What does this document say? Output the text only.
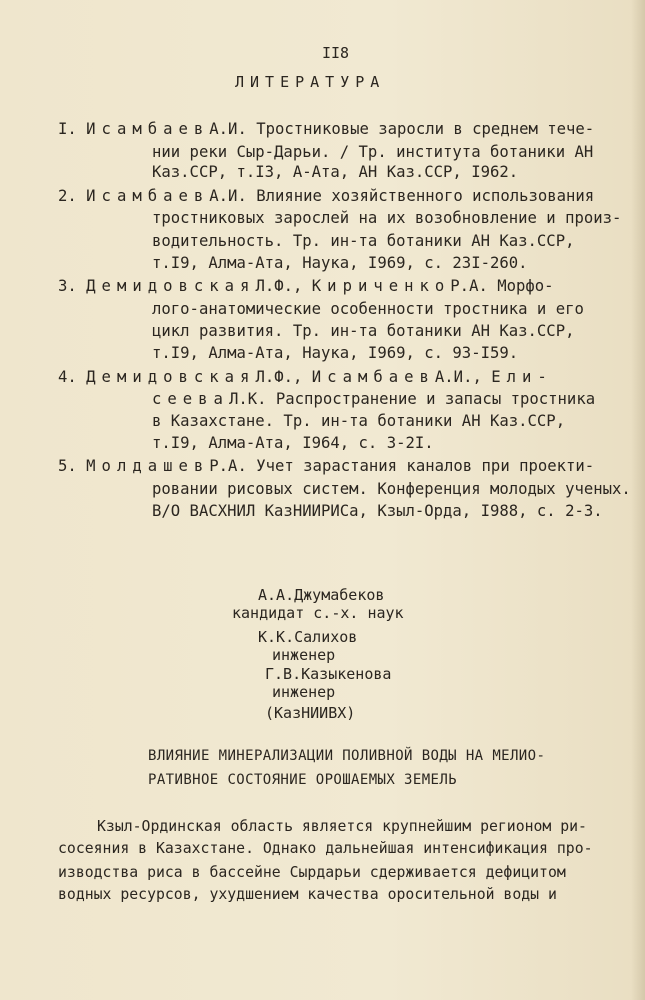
II8
ЛИТЕРАТУРА
I. ИсамбаевА.И. Тростниковые заросли в среднем тече-
нии реки Сыр-Дарьи. / Тр. института ботаники АН
Каз.ССР, т.I3, А-Ата, АН Каз.ССР, I962.
2. ИсамбаевА.И. Влияние хозяйственного использования
тростниковых зарослей на их возобновление и произ-
водительность. Тр. ин-та ботаники АН Каз.ССР,
т.I9, Алма-Ата, Наука, I969, с. 23I-260.
3. ДемидовскаяЛ.Ф., КириченкоР.А. Морфо-
лого-анатомические особенности тростника и его
цикл развития. Тр. ин-та ботаники АН Каз.ССР,
т.I9, Алма-Ата, Наука, I969, с. 93-I59.
4. ДемидовскаяЛ.Ф., ИсамбаевА.И., Ели-
сееваЛ.К. Распространение и запасы тростника
в Казахстане. Тр. ин-та ботаники АН Каз.ССР,
т.I9, Алма-Ата, I964, с. 3-2I.
5. МолдашевР.А. Учет зарастания каналов при проекти-
ровании рисовых систем. Конференция молодых ученых.
В/О ВАСХНИЛ КазНИИРИСа, Кзыл-Орда, I988, с. 2-3.
А.А.Джумабеков
кандидат с.-х. наук
К.К.Салихов
инженер
Г.В.Казыкенова
инженер
(КазНИИВХ)
ВЛИЯНИЕ МИНЕРАЛИЗАЦИИ ПОЛИВНОЙ ВОДЫ НА МЕЛИО-
РАТИВНОЕ СОСТОЯНИЕ ОРОШАЕМЫХ ЗЕМЕЛЬ
Кзыл-Ординская область является крупнейшим регионом ри-
сосеяния в Казахстане. Однако дальнейшая интенсификация про-
изводства риса в бассейне Сырдарьи сдерживается дефицитом
водных ресурсов, ухудшением качества оросительной воды и
